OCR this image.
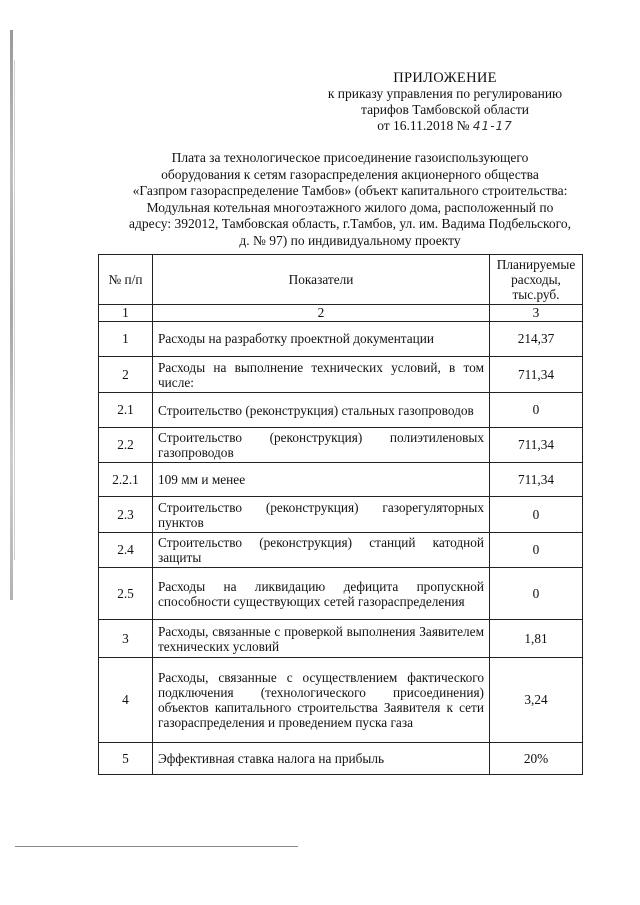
ПРИЛОЖЕНИЕ
к приказу управления по регулированию
тарифов Тамбовской области
от 16.11.2018 № 41-17
Плата за технологическое присоединение газоиспользующего
оборудования к сетям газораспределения акционерного общества
«Газпром газораспределение Тамбов» (объект капитального строительства:
Модульная котельная многоэтажного жилого дома, расположенный по
адресу: 392012, Тамбовская область, г.Тамбов, ул. им. Вадима Подбельского,
д. № 97) по индивидуальному проекту
№ п/п	Показатели	Планируемые расходы, тыс.руб.
1	2	3
1	Расходы на разработку проектной документации	214,37
2	Расходы на выполнение технических условий, в том числе:	711,34
2.1	Строительство (реконструкция) стальных газопроводов	0
2.2	Строительство (реконструкция) полиэтиленовых газопроводов	711,34
2.2.1	109 мм и менее	711,34
2.3	Строительство (реконструкция) газорегуляторных пунктов	0
2.4	Строительство (реконструкция) станций катодной защиты	0
2.5	Расходы на ликвидацию дефицита пропускной способности существующих сетей газораспределения	0
3	Расходы, связанные с проверкой выполнения Заявителем технических условий	1,81
4	Расходы, связанные с осуществлением фактического подключения (технологического присоединения) объектов капитального строительства Заявителя к сети газораспределения и проведением пуска газа	3,24
5	Эффективная ставка налога на прибыль	20%
